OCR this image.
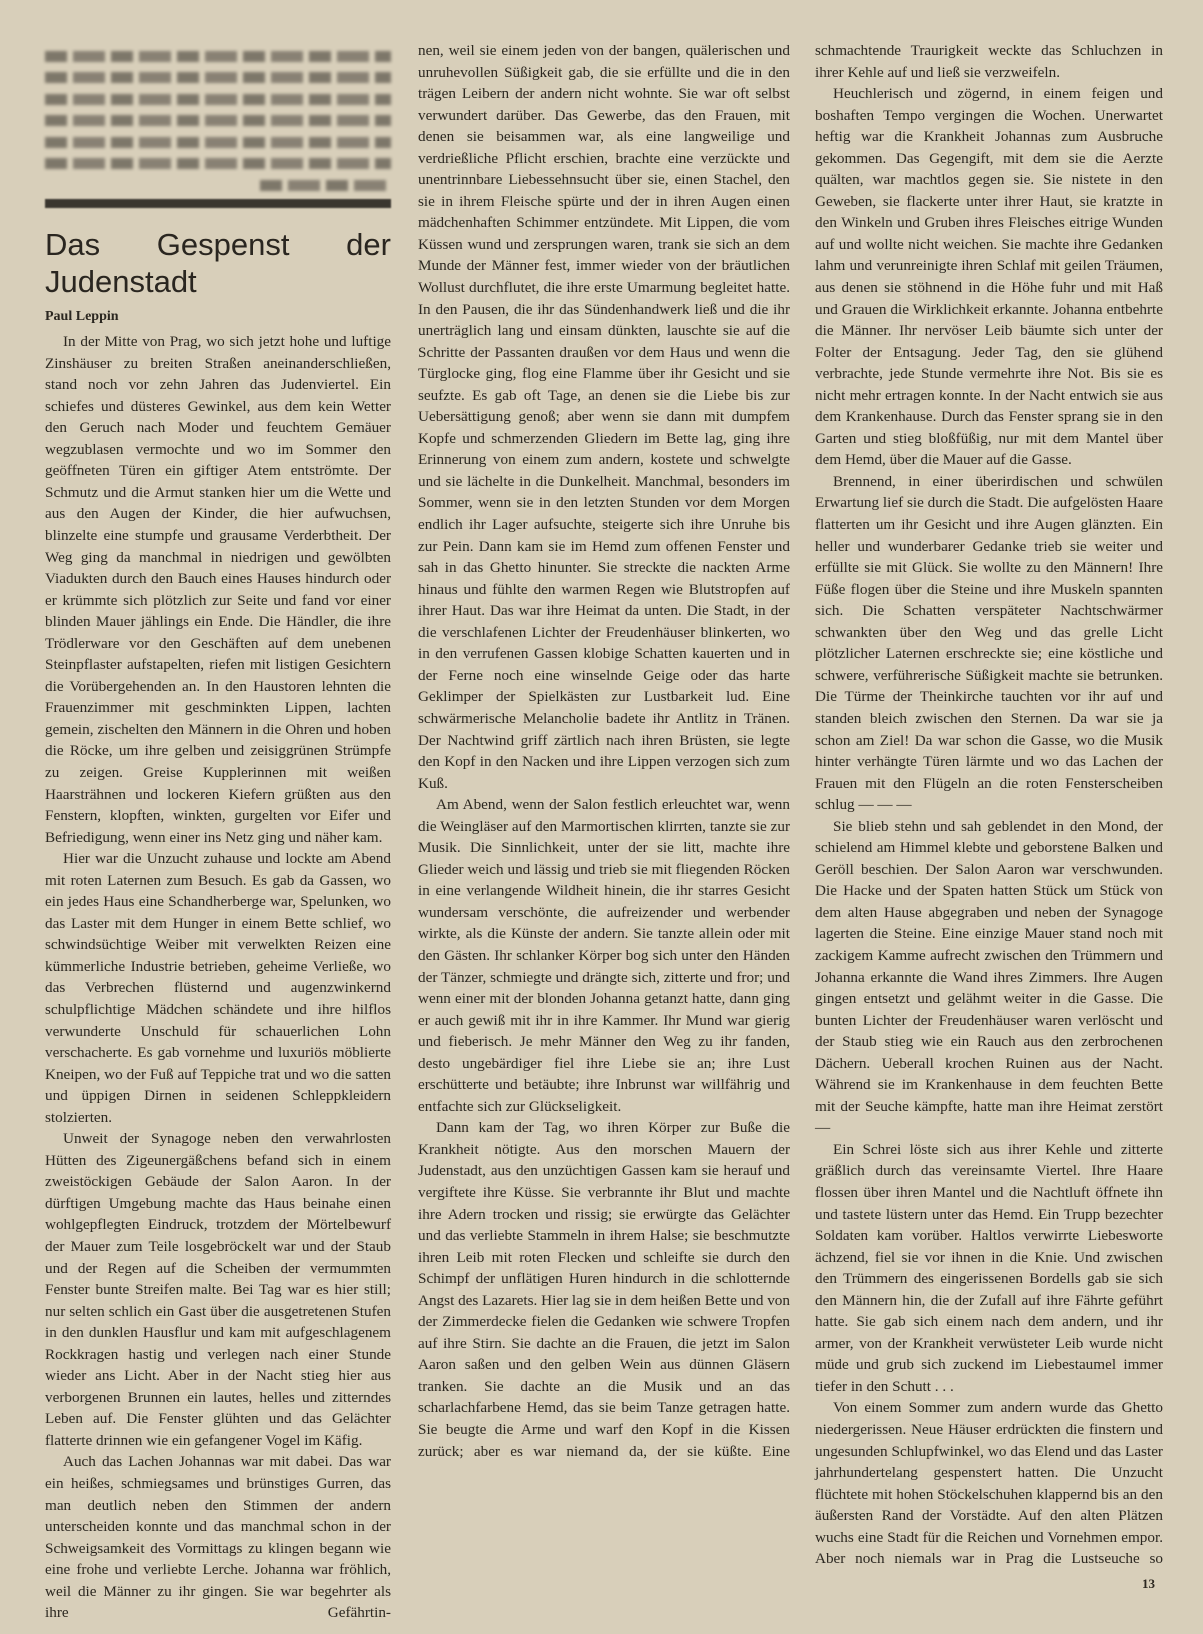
Das Gespenst der Judenstadt
Paul Leppin

In der Mitte von Prag, wo sich jetzt hohe und luftige Zinshäuser zu breiten Straßen aneinanderschließen, stand noch vor zehn Jahren das Judenviertel. Ein schiefes und düsteres Gewinkel, aus dem kein Wetter den Geruch nach Moder und feuchtem Gemäuer wegzublasen vermochte und wo im Sommer den geöffneten Türen ein giftiger Atem entströmte. Der Schmutz und die Armut stanken hier um die Wette und aus den Augen der Kinder, die hier aufwuchsen, blinzelte eine stumpfe und grausame Verderbtheit. Der Weg ging da manchmal in niedrigen und gewölbten Viadukten durch den Bauch eines Hauses hindurch oder er krümmte sich plötzlich zur Seite und fand vor einer blinden Mauer jählings ein Ende. Die Händler, die ihre Trödlerware vor den Geschäften auf dem unebenen Steinpflaster aufstapelten, riefen mit listigen Gesichtern die Vorübergehenden an. In den Haustoren lehnten die Frauenzimmer mit geschminkten Lippen, lachten gemein, zischelten den Männern in die Ohren und hoben die Röcke, um ihre gelben und zeisiggrünen Strümpfe zu zeigen. Greise Kupplerinnen mit weißen Haarsträhnen und lockeren Kiefern grüßten aus den Fenstern, klopften, winkten, gurgelten vor Eifer und Befriedigung, wenn einer ins Netz ging und näher kam.

Hier war die Unzucht zuhause und lockte am Abend mit roten Laternen zum Besuch. Es gab da Gassen, wo ein jedes Haus eine Schandherberge war, Spelunken, wo das Laster mit dem Hunger in einem Bette schlief, wo schwindsüchtige Weiber mit verwelkten Reizen eine kümmerliche Industrie betrieben, geheime Verließe, wo das Verbrechen flüsternd und augenzwinkernd schulpflichtige Mädchen schändete und ihre hilflos verwunderte Unschuld für schauerlichen Lohn verschacherte. Es gab vornehme und luxuriös möblierte Kneipen, wo der Fuß auf Teppiche trat und wo die satten und üppigen Dirnen in seidenen Schleppkleidern stolzierten.

Unweit der Synagoge neben den verwahrlosten Hütten des Zigeunergäßchens befand sich in einem zweistöckigen Gebäude der Salon Aaron. In der dürftigen Umgebung machte das Haus beinahe einen wohlgepflegten Eindruck, trotzdem der Mörtelbewurf der Mauer zum Teile losgebröckelt war und der Staub und der Regen auf die Scheiben der vermummten Fenster bunte Streifen malte. Bei Tag war es hier still; nur selten schlich ein Gast über die ausgetretenen Stufen in den dunklen Hausflur und kam mit aufgeschlagenem Rockkragen hastig und verlegen nach einer Stunde wieder ans Licht. Aber in der Nacht stieg hier aus verborgenen Brunnen ein lautes, helles und zitterndes Leben auf. Die Fenster glühten und das Gelächter flatterte drinnen wie ein gefangener Vogel im Käfig.

Auch das Lachen Johannas war mit dabei. Das war ein heißes, schmiegsames und brünstiges Gurren, das man deutlich neben den Stimmen der andern unterscheiden konnte und das manchmal schon in der Schweigsamkeit des Vormittags zu klingen begann wie eine frohe und verliebte Lerche. Johanna war fröhlich, weil die Männer zu ihr gingen. Sie war begehrter als ihre Gefährtin-

nen, weil sie einem jeden von der bangen, quälerischen und unruhevollen Süßigkeit gab, die sie erfüllte und die in den trägen Leibern der andern nicht wohnte. Sie war oft selbst verwundert darüber. Das Gewerbe, das den Frauen, mit denen sie beisammen war, als eine langweilige und verdrießliche Pflicht erschien, brachte eine verzückte und unentrinnbare Liebessehnsucht über sie, einen Stachel, den sie in ihrem Fleische spürte und der in ihren Augen einen mädchenhaften Schimmer entzündete. Mit Lippen, die vom Küssen wund und zersprungen waren, trank sie sich an dem Munde der Männer fest, immer wieder von der bräutlichen Wollust durchflutet, die ihre erste Umarmung begleitet hatte. In den Pausen, die ihr das Sündenhandwerk ließ und die ihr unerträglich lang und einsam dünkten, lauschte sie auf die Schritte der Passanten draußen vor dem Haus und wenn die Türglocke ging, flog eine Flamme über ihr Gesicht und sie seufzte. Es gab oft Tage, an denen sie die Liebe bis zur Uebersättigung genoß; aber wenn sie dann mit dumpfem Kopfe und schmerzenden Gliedern im Bette lag, ging ihre Erinnerung von einem zum andern, kostete und schwelgte und sie lächelte in die Dunkelheit. Manchmal, besonders im Sommer, wenn sie in den letzten Stunden vor dem Morgen endlich ihr Lager aufsuchte, steigerte sich ihre Unruhe bis zur Pein. Dann kam sie im Hemd zum offenen Fenster und sah in das Ghetto hinunter. Sie streckte die nackten Arme hinaus und fühlte den warmen Regen wie Blutstropfen auf ihrer Haut. Das war ihre Heimat da unten. Die Stadt, in der die verschlafenen Lichter der Freudenhäuser blinkerten, wo in den verrufenen Gassen klobige Schatten kauerten und in der Ferne noch eine winselnde Geige oder das harte Geklimper der Spielkästen zur Lustbarkeit lud. Eine schwärmerische Melancholie badete ihr Antlitz in Tränen. Der Nachtwind griff zärtlich nach ihren Brüsten, sie legte den Kopf in den Nacken und ihre Lippen verzogen sich zum Kuß.

Am Abend, wenn der Salon festlich erleuchtet war, wenn die Weingläser auf den Marmortischen klirrten, tanzte sie zur Musik. Die Sinnlichkeit, unter der sie litt, machte ihre Glieder weich und lässig und trieb sie mit fliegenden Röcken in eine verlangende Wildheit hinein, die ihr starres Gesicht wundersam verschönte, die aufreizender und werbender wirkte, als die Künste der andern. Sie tanzte allein oder mit den Gästen. Ihr schlanker Körper bog sich unter den Händen der Tänzer, schmiegte und drängte sich, zitterte und fror; und wenn einer mit der blonden Johanna getanzt hatte, dann ging er auch gewiß mit ihr in ihre Kammer. Ihr Mund war gierig und fieberisch. Je mehr Männer den Weg zu ihr fanden, desto ungebärdiger fiel ihre Liebe sie an; ihre Lust erschütterte und betäubte; ihre Inbrunst war willfährig und entfachte sich zur Glückseligkeit.

Dann kam der Tag, wo ihren Körper zur Buße die Krankheit nötigte. Aus den morschen Mauern der Judenstadt, aus den unzüchtigen Gassen kam sie herauf und vergiftete ihre Küsse. Sie verbrannte ihr Blut und machte ihre Adern trocken und rissig; sie erwürgte das Gelächter und das verliebte Stammeln in ihrem Halse; sie beschmutzte ihren Leib mit roten Flecken und schleifte sie durch den Schimpf der unflätigen Huren hindurch in die schlotternde Angst des Lazarets. Hier lag sie in dem heißen Bette und von der Zimmerdecke fielen die Gedanken wie schwere Tropfen auf ihre Stirn. Sie dachte an die Frauen, die jetzt im Salon Aaron saßen und den gelben Wein aus dünnen Gläsern tranken. Sie dachte an die Musik und an das scharlachfarbene Hemd, das sie beim Tanze getragen hatte. Sie beugte die Arme und warf den Kopf in die Kissen zurück; aber es war niemand da, der sie küßte. Eine

schmachtende Traurigkeit weckte das Schluchzen in ihrer Kehle auf und ließ sie verzweifeln.

Heuchlerisch und zögernd, in einem feigen und boshaften Tempo vergingen die Wochen. Unerwartet heftig war die Krankheit Johannas zum Ausbruche gekommen. Das Gegengift, mit dem sie die Aerzte quälten, war machtlos gegen sie. Sie nistete in den Geweben, sie flackerte unter ihrer Haut, sie kratzte in den Winkeln und Gruben ihres Fleisches eitrige Wunden auf und wollte nicht weichen. Sie machte ihre Gedanken lahm und verunreinigte ihren Schlaf mit geilen Träumen, aus denen sie stöhnend in die Höhe fuhr und mit Haß und Grauen die Wirklichkeit erkannte. Johanna entbehrte die Männer. Ihr nervöser Leib bäumte sich unter der Folter der Entsagung. Jeder Tag, den sie glühend verbrachte, jede Stunde vermehrte ihre Not. Bis sie es nicht mehr ertragen konnte. In der Nacht entwich sie aus dem Krankenhause. Durch das Fenster sprang sie in den Garten und stieg bloßfüßig, nur mit dem Mantel über dem Hemd, über die Mauer auf die Gasse.

Brennend, in einer überirdischen und schwülen Erwartung lief sie durch die Stadt. Die aufgelösten Haare flatterten um ihr Gesicht und ihre Augen glänzten. Ein heller und wunderbarer Gedanke trieb sie weiter und erfüllte sie mit Glück. Sie wollte zu den Männern! Ihre Füße flogen über die Steine und ihre Muskeln spannten sich. Die Schatten verspäteter Nachtschwärmer schwankten über den Weg und das grelle Licht plötzlicher Laternen erschreckte sie; eine köstliche und schwere, verführerische Süßigkeit machte sie betrunken. Die Türme der Theinkirche tauchten vor ihr auf und standen bleich zwischen den Sternen. Da war sie ja schon am Ziel! Da war schon die Gasse, wo die Musik hinter verhängte Türen lärmte und wo das Lachen der Frauen mit den Flügeln an die roten Fensterscheiben schlug — — —

Sie blieb stehn und sah geblendet in den Mond, der schielend am Himmel klebte und geborstene Balken und Geröll beschien. Der Salon Aaron war verschwunden. Die Hacke und der Spaten hatten Stück um Stück von dem alten Hause abgegraben und neben der Synagoge lagerten die Steine. Eine einzige Mauer stand noch mit zackigem Kamme aufrecht zwischen den Trümmern und Johanna erkannte die Wand ihres Zimmers. Ihre Augen gingen entsetzt und gelähmt weiter in die Gasse. Die bunten Lichter der Freudenhäuser waren verlöscht und der Staub stieg wie ein Rauch aus den zerbrochenen Dächern. Ueberall krochen Ruinen aus der Nacht. Während sie im Krankenhause in dem feuchten Bette mit der Seuche kämpfte, hatte man ihre Heimat zerstört —

Ein Schrei löste sich aus ihrer Kehle und zitterte gräßlich durch das vereinsamte Viertel. Ihre Haare flossen über ihren Mantel und die Nachtluft öffnete ihn und tastete lüstern unter das Hemd. Ein Trupp bezechter Soldaten kam vorüber. Haltlos verwirrte Liebesworte ächzend, fiel sie vor ihnen in die Knie. Und zwischen den Trümmern des eingerissenen Bordells gab sie sich den Männern hin, die der Zufall auf ihre Fährte geführt hatte. Sie gab sich einem nach dem andern, und ihr armer, von der Krankheit verwüsteter Leib wurde nicht müde und grub sich zuckend im Liebestaumel immer tiefer in den Schutt . . .

Von einem Sommer zum andern wurde das Ghetto niedergerissen. Neue Häuser erdrückten die finstern und ungesunden Schlupfwinkel, wo das Elend und das Laster jahrhundertelang gespenstert hatten. Die Unzucht flüchtete mit hohen Stöckelschuhen klappernd bis an den äußersten Rand der Vorstädte. Auf den alten Plätzen wuchs eine Stadt für die Reichen und Vornehmen empor. Aber noch niemals war in Prag die Lustseuche so

13
